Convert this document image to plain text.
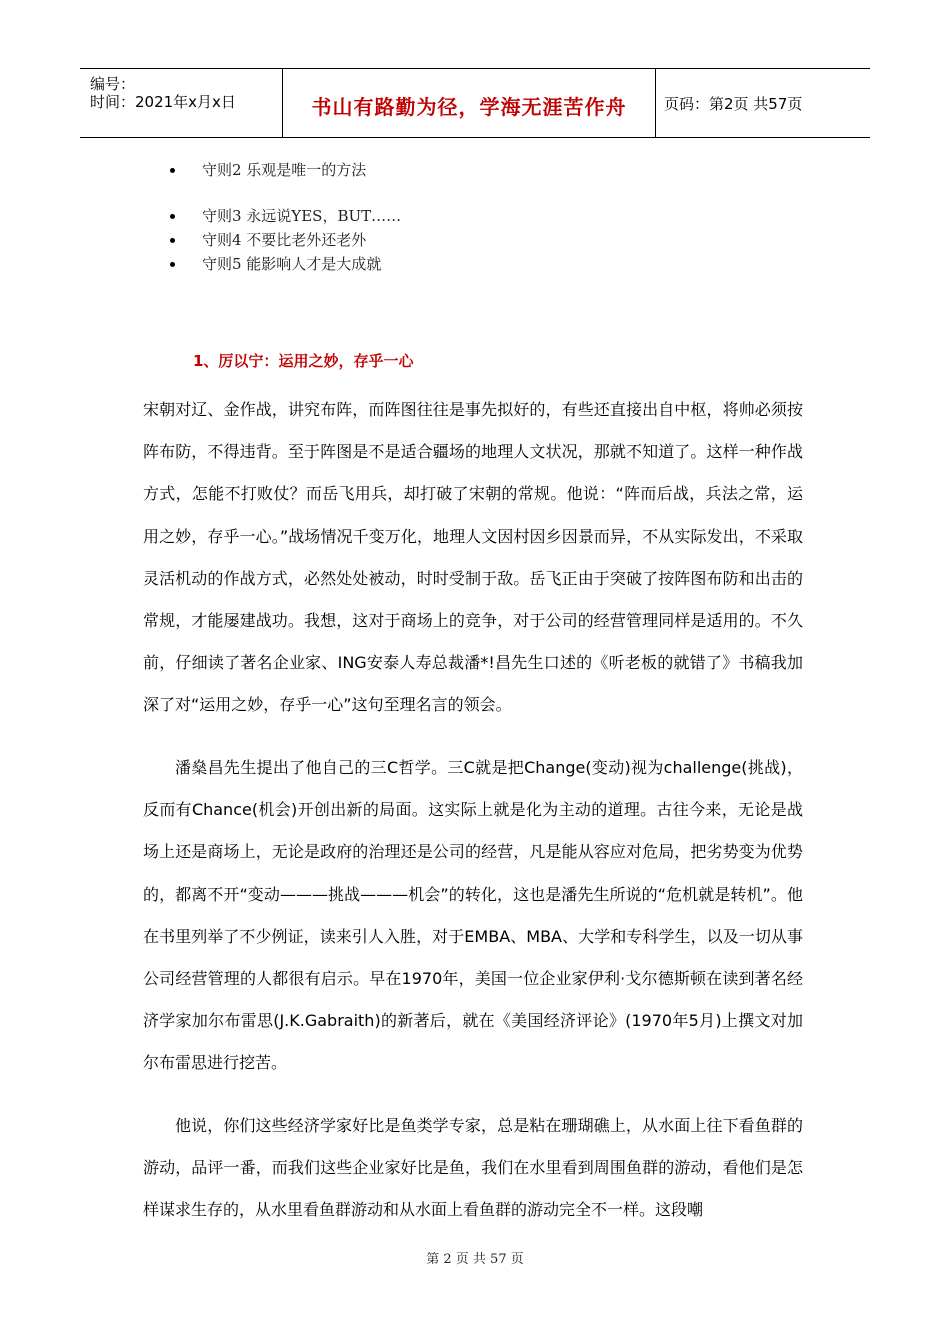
编号：
时间：2021年x月x日	书山有路勤为径，学海无涯苦作舟	页码：第2页 共57页
守则2 乐观是唯一的方法
守则3 永远说YES，BUT……
守则4 不要比老外还老外
守则5 能影响人才是大成就
1、厉以宁：运用之妙，存乎一心

宋朝对辽、金作战，讲究布阵，而阵图往往是事先拟好的，有些还直接出自中枢，将帅必须按阵布防，不得违背。至于阵图是不是适合疆场的地理人文状况，那就不知道了。这样一种作战方式，怎能不打败仗？而岳飞用兵，却打破了宋朝的常规。他说：“阵而后战，兵法之常，运用之妙，存乎一心。”战场情况千变万化，地理人文因村因乡因景而异，不从实际发出，不采取灵活机动的作战方式，必然处处被动，时时受制于敌。岳飞正由于突破了按阵图布防和出击的常规，才能屡建战功。我想，这对于商场上的竞争，对于公司的经营管理同样是适用的。不久前，仔细读了著名企业家、ING安泰人寿总裁潘*!昌先生口述的《听老板的就错了》书稿我加深了对“运用之妙，存乎一心”这句至理名言的领会。

潘燊昌先生提出了他自己的三C哲学。三C就是把Change(变动)视为challenge(挑战)，反而有Chance(机会)开创出新的局面。这实际上就是化为主动的道理。古往今来，无论是战场上还是商场上，无论是政府的治理还是公司的经营，凡是能从容应对危局，把劣势变为优势的，都离不开“变动———挑战———机会”的转化，这也是潘先生所说的“危机就是转机”。他在书里列举了不少例证，读来引人入胜，对于EMBA、MBA、大学和专科学生，以及一切从事公司经营管理的人都很有启示。早在1970年，美国一位企业家伊利·戈尔德斯顿在读到著名经济学家加尔布雷思(J.K.Gabraith)的新著后，就在《美国经济评论》(1970年5月)上撰文对加尔布雷思进行挖苦。

他说，你们这些经济学家好比是鱼类学专家，总是粘在珊瑚礁上，从水面上往下看鱼群的游动，品评一番，而我们这些企业家好比是鱼，我们在水里看到周围鱼群的游动，看他们是怎样谋求生存的，从水里看鱼群游动和从水面上看鱼群的游动完全不一样。这段嘲

第 2 页 共 57 页
